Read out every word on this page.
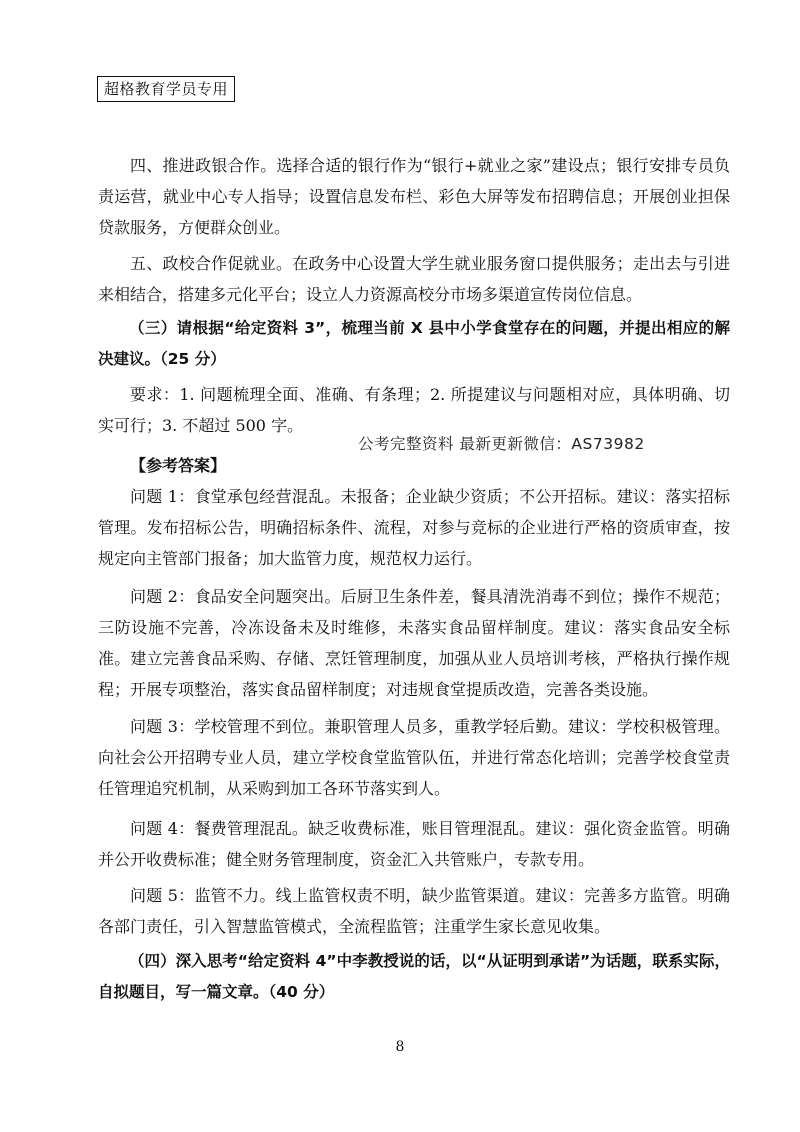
超格教育学员专用
四、推进政银合作。选择合适的银行作为“银行+就业之家”建设点；银行安排专员负责运营，就业中心专人指导；设置信息发布栏、彩色大屏等发布招聘信息；开展创业担保贷款服务，方便群众创业。
五、政校合作促就业。在政务中心设置大学生就业服务窗口提供服务；走出去与引进来相结合，搭建多元化平台；设立人力资源高校分市场多渠道宣传岗位信息。
（三）请根据“给定资料 3”，梳理当前 X 县中小学食堂存在的问题，并提出相应的解决建议。（25 分）
要求：1. 问题梳理全面、准确、有条理；2. 所提建议与问题相对应，具体明确、切实可行；3. 不超过 500 字。
公考完整资料 最新更新微信：AS73982
【参考答案】
问题 1：食堂承包经营混乱。未报备；企业缺少资质；不公开招标。建议：落实招标管理。发布招标公告，明确招标条件、流程，对参与竞标的企业进行严格的资质审查，按规定向主管部门报备；加大监管力度，规范权力运行。
问题 2：食品安全问题突出。后厨卫生条件差，餐具清洗消毒不到位；操作不规范；三防设施不完善，冷冻设备未及时维修，未落实食品留样制度。建议：落实食品安全标准。建立完善食品采购、存储、烹饪管理制度，加强从业人员培训考核，严格执行操作规程；开展专项整治，落实食品留样制度；对违规食堂提质改造，完善各类设施。
问题 3：学校管理不到位。兼职管理人员多，重教学轻后勤。建议：学校积极管理。向社会公开招聘专业人员，建立学校食堂监管队伍，并进行常态化培训；完善学校食堂责任管理追究机制，从采购到加工各环节落实到人。
问题 4：餐费管理混乱。缺乏收费标准，账目管理混乱。建议：强化资金监管。明确并公开收费标准；健全财务管理制度，资金汇入共管账户，专款专用。
问题 5：监管不力。线上监管权责不明，缺少监管渠道。建议：完善多方监管。明确各部门责任，引入智慧监管模式，全流程监管；注重学生家长意见收集。
（四）深入思考“给定资料 4”中李教授说的话，以“从证明到承诺”为话题，联系实际，自拟题目，写一篇文章。（40 分）
8
